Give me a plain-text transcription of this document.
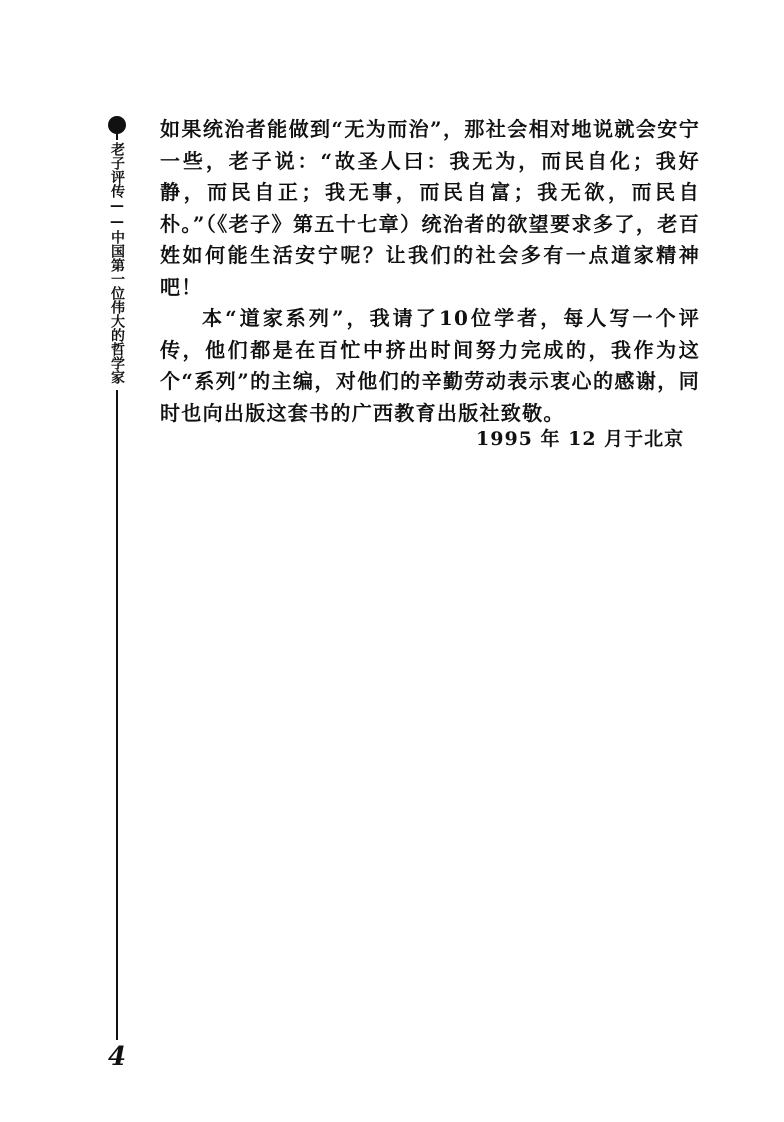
老子评传——中国第一位伟大的哲学家

如果统治者能做到“无为而治”，那社会相对地说就会安宁一些，老子说：“故圣人曰：我无为，而民自化；我好静，而民自正；我无事，而民自富；我无欲，而民自朴。”（《老子》第五十七章）统治者的欲望要求多了，老百姓如何能生活安宁呢？让我们的社会多有一点道家精神吧！

本“道家系列”，我请了10位学者，每人写一个评传，他们都是在百忙中挤出时间努力完成的，我作为这个“系列”的主编，对他们的辛勤劳动表示衷心的感谢，同时也向出版这套书的广西教育出版社致敬。

1995 年 12 月于北京
4
